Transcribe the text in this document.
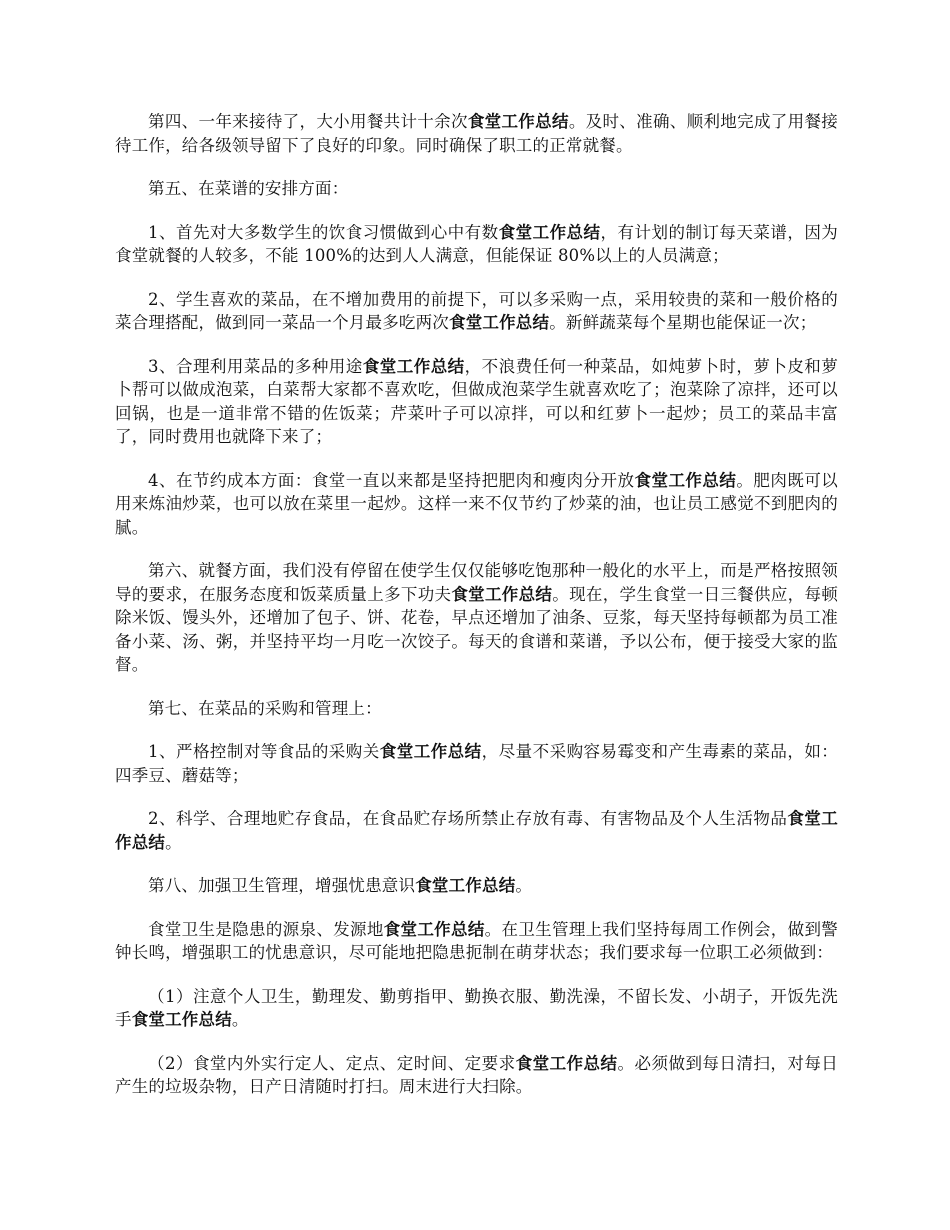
第四、一年来接待了，大小用餐共计十余次食堂工作总结。及时、准确、顺利地完成了用餐接待工作，给各级领导留下了良好的印象。同时确保了职工的正常就餐。

第五、在菜谱的安排方面：

1、首先对大多数学生的饮食习惯做到心中有数食堂工作总结，有计划的制订每天菜谱，因为食堂就餐的人较多，不能 100%的达到人人满意，但能保证 80%以上的人员满意；

2、学生喜欢的菜品，在不增加费用的前提下，可以多采购一点，采用较贵的菜和一般价格的菜合理搭配，做到同一菜品一个月最多吃两次食堂工作总结。新鲜蔬菜每个星期也能保证一次；

3、合理利用菜品的多种用途食堂工作总结，不浪费任何一种菜品，如炖萝卜时，萝卜皮和萝卜帮可以做成泡菜，白菜帮大家都不喜欢吃，但做成泡菜学生就喜欢吃了；泡菜除了凉拌，还可以回锅，也是一道非常不错的佐饭菜；芹菜叶子可以凉拌，可以和红萝卜一起炒；员工的菜品丰富了，同时费用也就降下来了；

4、在节约成本方面：食堂一直以来都是坚持把肥肉和瘦肉分开放食堂工作总结。肥肉既可以用来炼油炒菜，也可以放在菜里一起炒。这样一来不仅节约了炒菜的油，也让员工感觉不到肥肉的腻。

第六、就餐方面，我们没有停留在使学生仅仅能够吃饱那种一般化的水平上，而是严格按照领导的要求，在服务态度和饭菜质量上多下功夫食堂工作总结。现在，学生食堂一日三餐供应，每顿除米饭、馒头外，还增加了包子、饼、花卷，早点还增加了油条、豆浆，每天坚持每顿都为员工准备小菜、汤、粥，并坚持平均一月吃一次饺子。每天的食谱和菜谱，予以公布，便于接受大家的监督。

第七、在菜品的采购和管理上：

1、严格控制对等食品的采购关食堂工作总结，尽量不采购容易霉变和产生毒素的菜品，如：四季豆、蘑菇等；

2、科学、合理地贮存食品，在食品贮存场所禁止存放有毒、有害物品及个人生活物品食堂工作总结。

第八、加强卫生管理，增强忧患意识食堂工作总结。

食堂卫生是隐患的源泉、发源地食堂工作总结。在卫生管理上我们坚持每周工作例会，做到警钟长鸣，增强职工的忧患意识，尽可能地把隐患扼制在萌芽状态；我们要求每一位职工必须做到：

（1）注意个人卫生，勤理发、勤剪指甲、勤换衣服、勤洗澡，不留长发、小胡子，开饭先洗手食堂工作总结。

（2）食堂内外实行定人、定点、定时间、定要求食堂工作总结。必须做到每日清扫，对每日产生的垃圾杂物，日产日清随时打扫。周末进行大扫除。
